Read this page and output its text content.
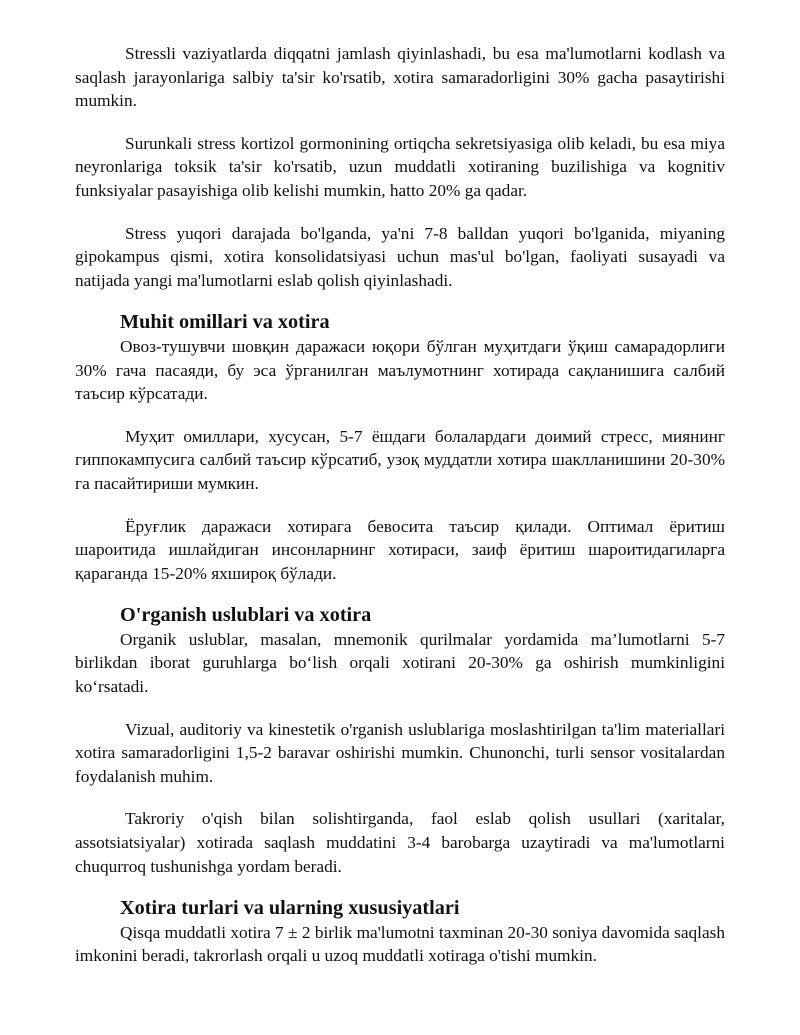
Stressli vaziyatlarda diqqatni jamlash qiyinlashadi, bu esa ma'lumotlarni kodlash va saqlash jarayonlariga salbiy ta'sir ko'rsatib, xotira samaradorligini 30% gacha pasaytirishi mumkin.

Surunkali stress kortizol gormonining ortiqcha sekretsiyasiga olib keladi, bu esa miya neyronlariga toksik ta'sir ko'rsatib, uzun muddatli xotiraning buzilishiga va kognitiv funksiyalar pasayishiga olib kelishi mumkin, hatto 20% ga qadar.

Stress yuqori darajada bo'lganda, ya'ni 7-8 balldan yuqori bo'lganida, miyaning gipokampus qismi, xotira konsolidatsiyasi uchun mas'ul bo'lgan, faoliyati susayadi va natijada yangi ma'lumotlarni eslab qolish qiyinlashadi.

Muhit omillari va xotira

Овоз-тушувчи шовқин даражаси юқори бўлган муҳитдаги ўқиш самарадорлиги 30% гача пасаяди, бу эса ўрганилган маълумотнинг хотирада сақланишига салбий таъсир кўрсатади.

Муҳит омиллари, хусусан, 5-7 ёшдаги болалардаги доимий стресс, миянинг гиппокампусига салбий таъсир кўрсатиб, узоқ муддатли хотира шаклланишини 20-30% га пасайтириши мумкин.

Ёруғлик даражаси хотирага бевосита таъсир қилади. Оптимал ёритиш шароитида ишлайдиган инсонларнинг хотираси, заиф ёритиш шароитидагиларга қараганда 15-20% яхшироқ бўлади.

O'rganish uslublari va xotira

Organik uslublar, masalan, mnemonik qurilmalar yordamida ma’lumotlarni 5-7 birlikdan iborat guruhlarga bo‘lish orqali xotirani 20-30% ga oshirish mumkinligini ko‘rsatadi.

Vizual, auditoriy va kinestetik o'rganish uslublariga moslashtirilgan ta'lim materiallari xotira samaradorligini 1,5-2 baravar oshirishi mumkin. Chunonchi, turli sensor vositalardan foydalanish muhim.

Takroriy o'qish bilan solishtirganda, faol eslab qolish usullari (xaritalar, assotsiatsiyalar) xotirada saqlash muddatini 3-4 barobarga uzaytiradi va ma'lumotlarni chuqurroq tushunishga yordam beradi.

Xotira turlari va ularning xususiyatlari

Qisqa muddatli xotira 7 ± 2 birlik ma'lumotni taxminan 20-30 soniya davomida saqlash imkonini beradi, takrorlash orqali u uzoq muddatli xotiraga o'tishi mumkin.
